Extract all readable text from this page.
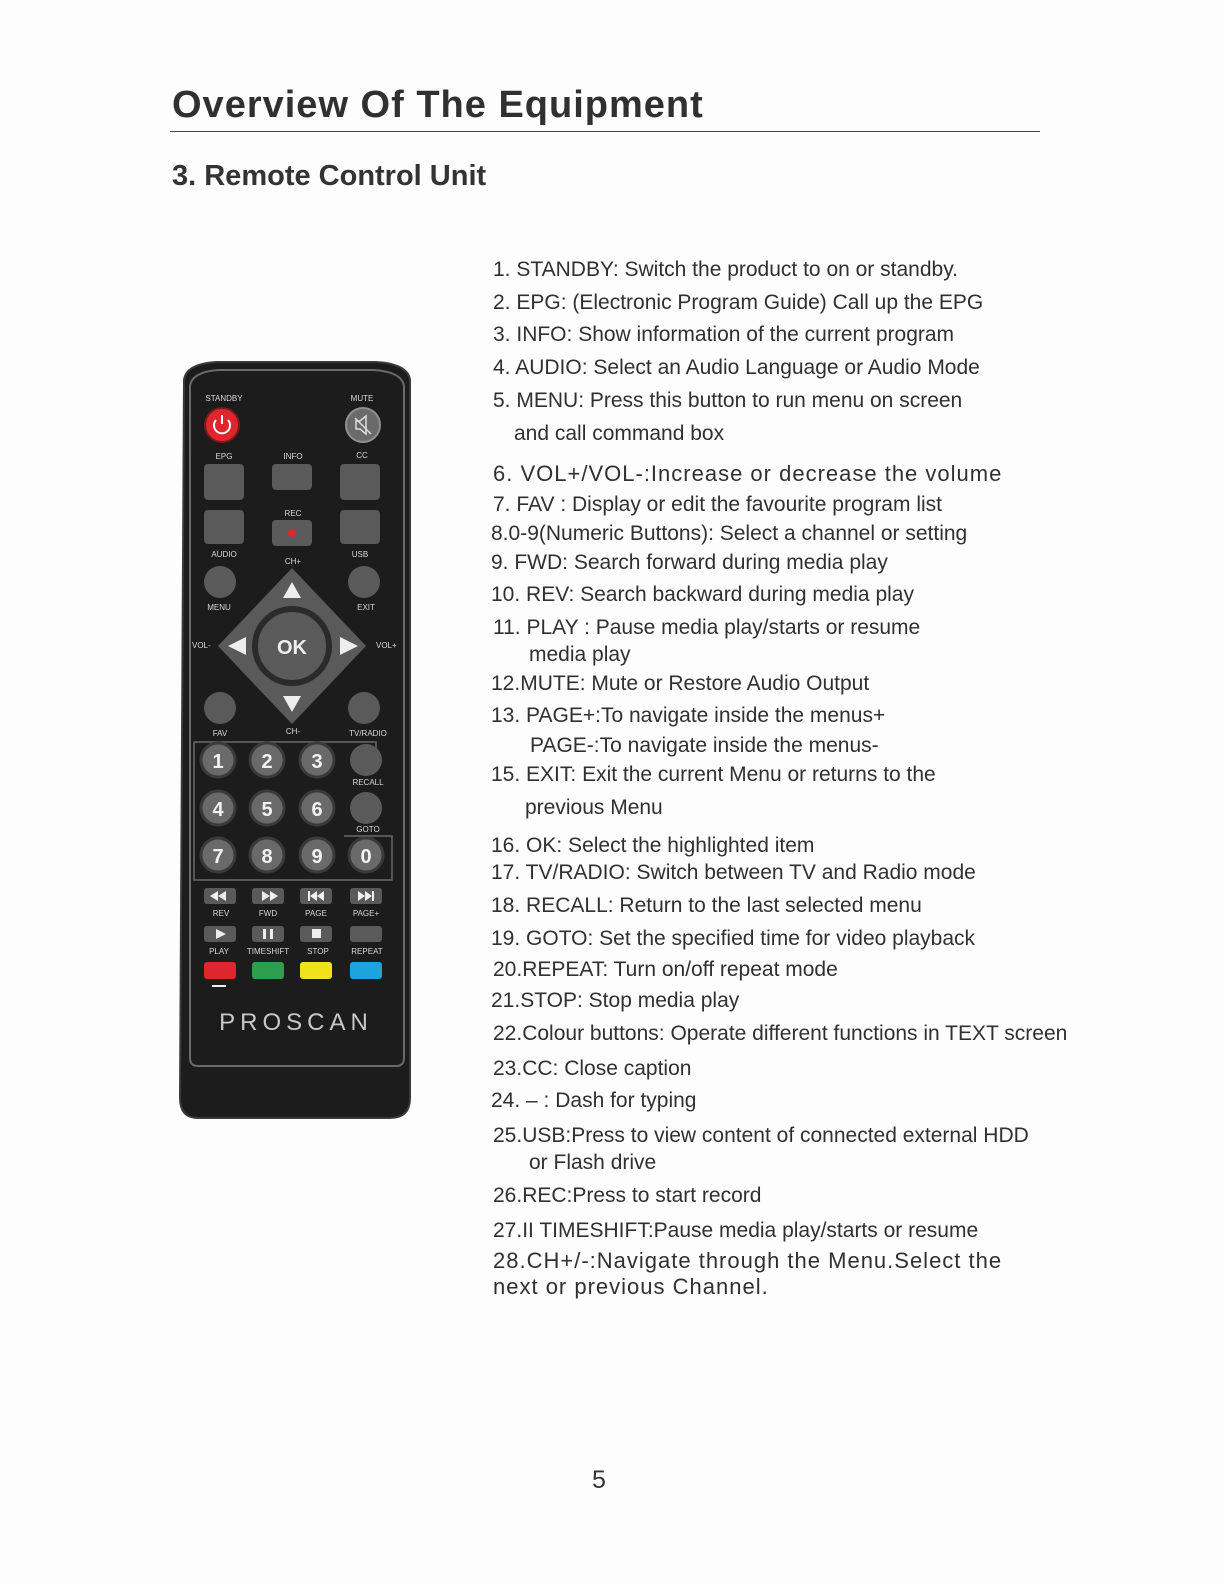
Overview Of The Equipment
3. Remote Control Unit
STANDBY	MUTE
EPG	INFO	CC
REC
AUDIO	USB
CH+
MENU	EXIT
OK
VOL-	VOL+
FAV	CH-	TV/RADIO
1 2 3
RECALL
4 5 6
GOTO
7 8 9 0
REV	FWD	PAGE	PAGE+
PLAY TIMESHIFT STOP	REPEAT
PROSCAN
1. STANDBY: Switch the product to on or standby.
2. EPG: (Electronic Program Guide) Call up the EPG
3. INFO: Show information of the current program
4. AUDIO: Select an Audio Language or Audio Mode
5. MENU: Press this button to run menu on screen
and call command box
6. VOL+/VOL-:Increase or decrease the volume
7. FAV : Display or edit the favourite program list
8.0-9(Numeric Buttons): Select a channel or setting
9. FWD: Search forward during media play
10. REV: Search backward during media play
11. PLAY : Pause media play/starts or resume
media play
12.MUTE: Mute or Restore Audio Output
13. PAGE+:To navigate inside the menus+
PAGE-:To navigate inside the menus-
15. EXIT: Exit the current Menu or returns to the
previous Menu
16. OK: Select the highlighted item
17. TV/RADIO: Switch between TV and Radio mode
18. RECALL: Return to the last selected menu
19. GOTO: Set the specified time for video playback
20.REPEAT: Turn on/off repeat mode
21.STOP: Stop media play
22.Colour buttons: Operate different functions in TEXT screen
23.CC: Close caption
24. – : Dash for typing
25.USB:Press to view content of connected external HDD
or Flash drive
26.REC:Press to start record
27.II TIMESHIFT:Pause media play/starts or resume
28.CH+/-:Navigate through the Menu.Select the
next or previous Channel.
5
